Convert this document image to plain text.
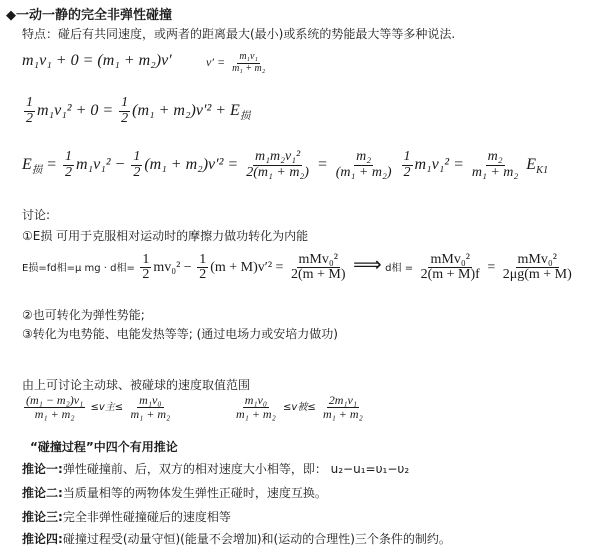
◆一动一静的完全非弹性碰撞
特点：碰后有共同速度，或两者的距离最大(最小)或系统的势能最大等等多种说法.
m₁v₁ + 0 = (m₁ + m₂)v′	$v' = \frac{\text{m₁v₁}}{\text{m₁ + m₂}}$
$\frac{1}{2} m_1v_1^2 + 0 = \frac{1}{2} (m_1 + m_2)v'^2 + E_损$
$E_损 = \frac{1}{2} m_1v_1^2 - \frac{1}{2} (m_1 + m_2)v'^2 = \frac{\text{m₁m₂v₁²}}{\text{2(m₁ + m₂)}} = \frac{\text{m₂}}{\text{(m₁ + m₂)}}$
$\frac{1}{2} m_1v_1^2 = \frac{\text{m₂}}{\text{m₁ + m₂}} E_{K1}$
讨论:
①E损 可用于克服相对运动时的摩擦力做功转化为内能
E损=fd相=μ mg · d相= $\frac{1}{2} mv_0^2 - \frac{1}{2} (m + M)v'^2 = \frac{\text{mMv₀²}}{2(m + M)}$ ⟹ d相 = $\frac{\text{mMv₀²}}{2(m + M)f} = \frac{\text{mMv₀²}}{2\mu g(m + M)}$
②也可转化为弹性势能;
③转化为电势能、电能发热等等; (通过电场力或安培力做功)
由上可讨论主动球、被碰球的速度取值范围
$\frac{\text{(m₁ − m₂)v₁}}{\text{m₁ + m₂}} \le v$主≤ $\frac{\text{m₁v₀}}{\text{m₁ + m₂}}$	$\frac{\text{m₁v₀}}{\text{m₁ + m₂}} \le v$被≤ $\frac{\text{2m₁v₁}}{\text{m₁ + m₂}}$
“碰撞过程”中四个有用推论
推论一:弹性碰撞前、后，双方的相对速度大小相等，即： u₂−u₁=υ₁−υ₂
推论二:当质量相等的两物体发生弹性正碰时，速度互换。
推论三:完全非弹性碰撞碰后的速度相等
推论四:碰撞过程受(动量守恒)(能量不会增加)和(运动的合理性)三个条件的制约。
